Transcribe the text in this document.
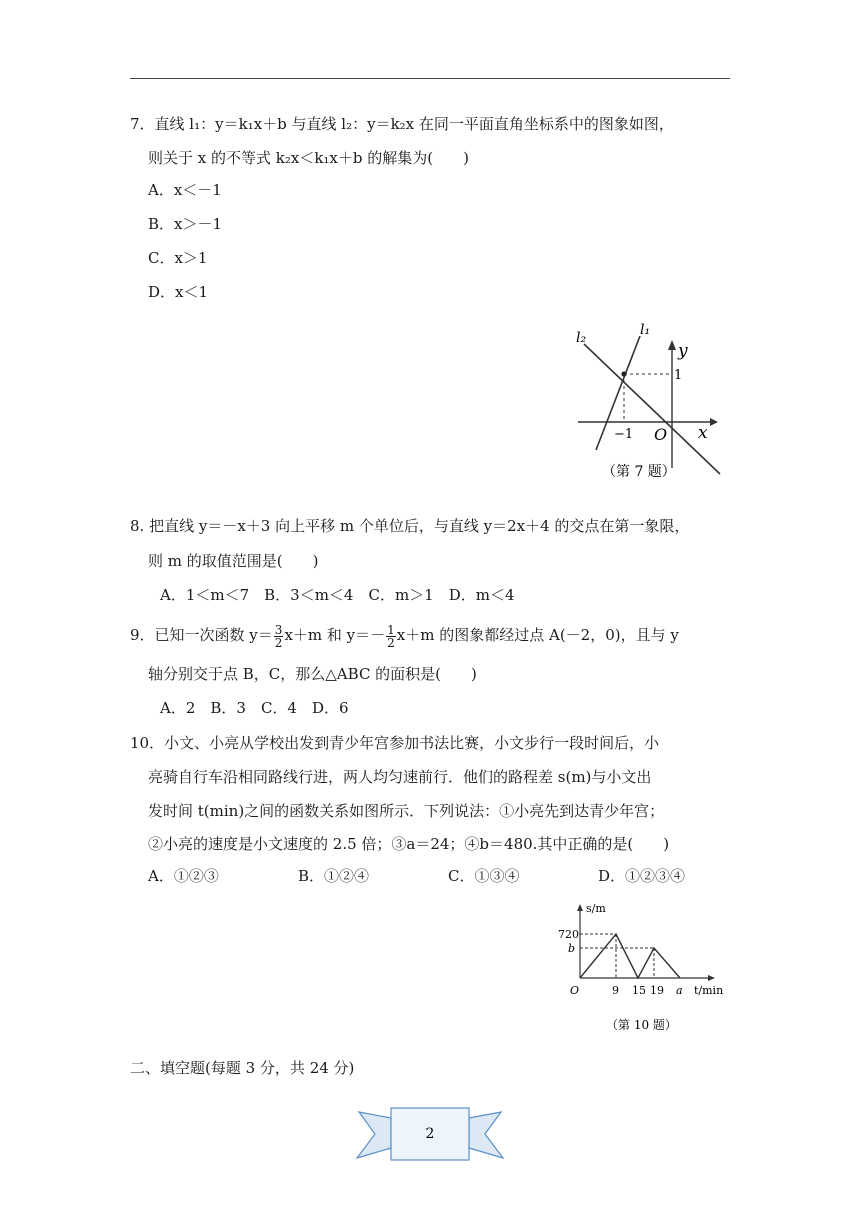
7．直线 l₁：y＝k₁x＋b 与直线 l₂：y＝k₂x 在同一平面直角坐标系中的图象如图，
则关于 x 的不等式 k₂x＜k₁x＋b 的解集为(　　)
A．x＜－1
B．x＞－1
C．x＞1
D．x＜1
l₂	l₁
y
x
O
1
−1
（第 7 题）
8. 把直线 y＝－x＋3 向上平移 m 个单位后，与直线 y＝2x＋4 的交点在第一象限，
则 m 的取值范围是(　　)
A．1＜m＜7　B．3＜m＜4　C．m＞1　D．m＜4
9．已知一次函数 $y= \frac{3}{2} x+m$ 和 $y=- \frac{1}{2} x+m$ 的图象都经过点 A(－2，0)，且与 y
轴分别交于点 B，C，那么△ABC 的面积是(　　)
A．2　B．3　C．4　D．6
10．小文、小亮从学校出发到青少年宫参加书法比赛，小文步行一段时间后，小
亮骑自行车沿相同路线行进，两人均匀速前行．他们的路程差 s(m)与小文出
发时间 t(min)之间的函数关系如图所示．下列说法：①小亮先到达青少年宫；
②小亮的速度是小文速度的 2.5 倍；③a＝24；④b＝480.其中正确的是(　　)
A．①②③	B．①②④	C．①③④	D．①②③④
s/m
t/min
O
720
b
9 15 19 a
（第 10 题）
二、填空题(每题 3 分，共 24 分)
2
